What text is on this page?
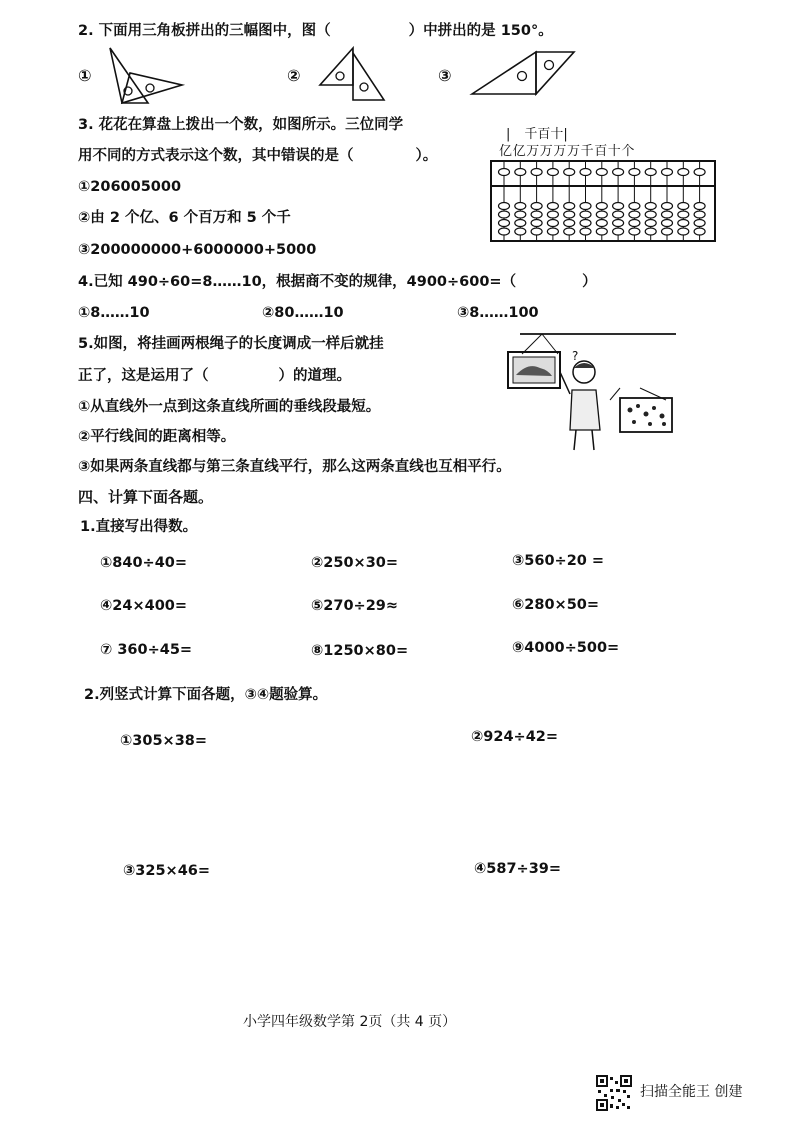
2. 下面用三角板拼出的三幅图中，图（	）中拼出的是 150°。
①	②	③
3. 花花在算盘上拨出一个数，如图所示。三位同学
用不同的方式表示这个数，其中错误的是（	）。
①206005000
②由 2 个亿、6 个百万和 5 个千
③200000000+6000000+5000
| 千百十|
亿亿万万万万千百十个
4.已知 490÷60=8……10，根据商不变的规律，4900÷600=（	）
①8……10	②80……10	③8……100
5.如图，将挂画两根绳子的长度调成一样后就挂
正了，这是运用了（	）的道理。
①从直线外一点到这条直线所画的垂线段最短。
②平行线间的距离相等。
③如果两条直线都与第三条直线平行，那么这两条直线也互相平行。
?
四、计算下面各题。
1.直接写出得数。
①840÷40=	②250×30=	③560÷20 =
④24×400=	⑤270÷29≈	⑥280×50=
⑦ 360÷45=	⑧1250×80=	⑨4000÷500=
2.列竖式计算下面各题，③④题验算。
①305×38=	②924÷42=
③325×46=	④587÷39=
小学四年级数学第 2页（共 4 页）
扫描全能王 创建
